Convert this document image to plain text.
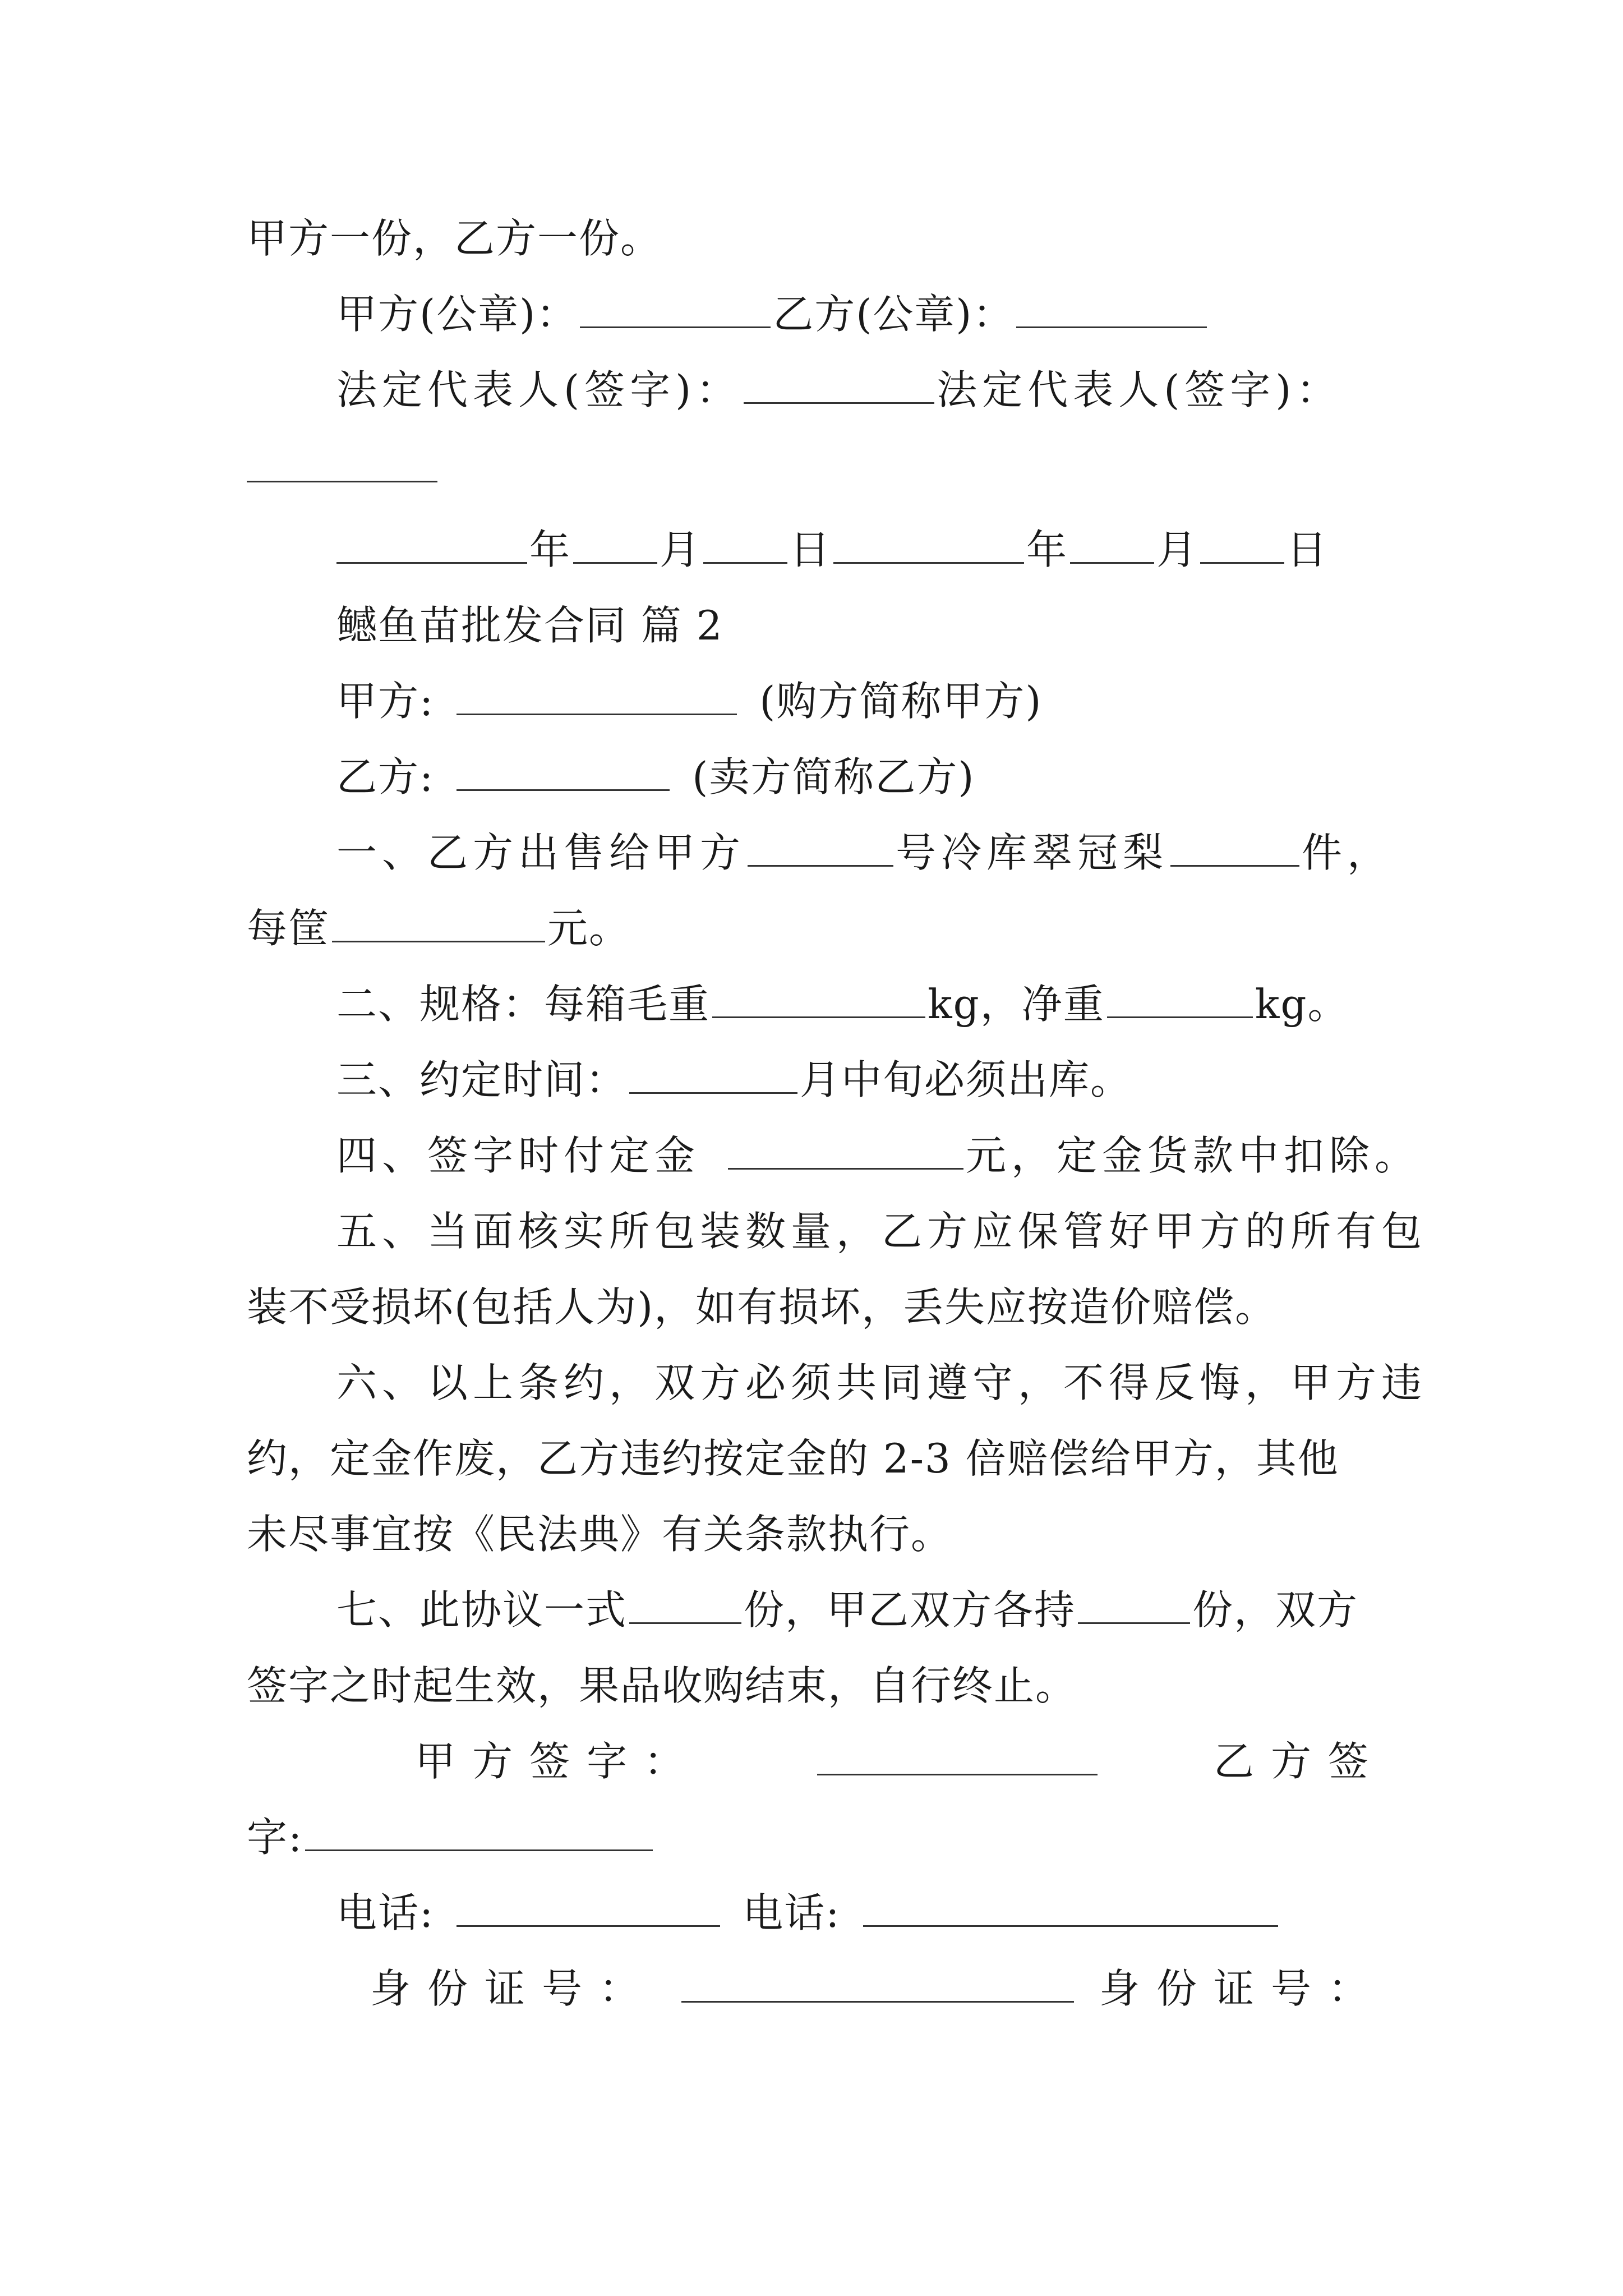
甲方一份，乙方一份。
甲方(公章)：	乙方(公章)：
法定代表人(签字)：	法定代表人(签字)：
年 月 日	年 月 日
鳡鱼苗批发合同 篇 2
甲方:	(购方简称甲方)
乙方:	(卖方简称乙方)
一、乙方出售给甲方	号冷库翠冠梨	件，
每筐	元。
二、规格：每箱毛重	kg，净重	kg。
三、约定时间：	月中旬必须出库。
四、签字时付定金	元，定金货款中扣除。
五、当面核实所包装数量，乙方应保管好甲方的所有包
装不受损坏(包括人为)，如有损坏，丢失应按造价赔偿。
六、以上条约，双方必须共同遵守，不得反悔，甲方违
约，定金作废，乙方违约按定金的 2-3 倍赔偿给甲方，其他
未尽事宜按《民法典》有关条款执行。
七、此协议一式	份，甲乙双方各持	份，双方
签字之时起生效，果品收购结束，自行终止。
甲方签字：	乙方签
字:
电话:	电话:
身份证号：	身份证号：
